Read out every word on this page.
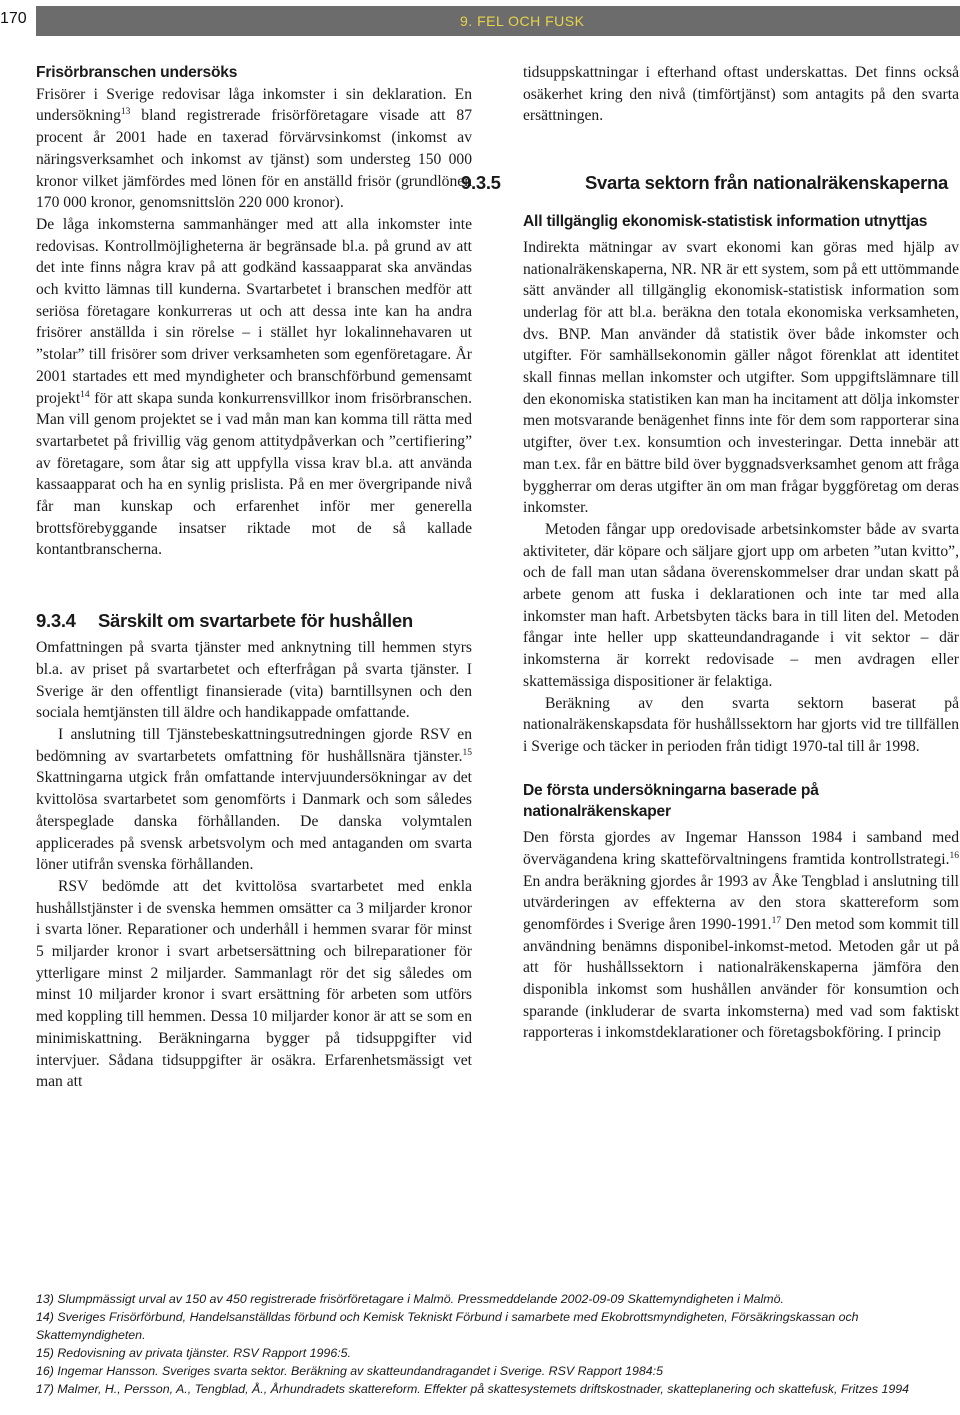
170	9. FEL OCH FUSK
Frisörbranschen undersöks

Frisörer i Sverige redovisar låga inkomster i sin deklaration. En undersökning$^{13}$ bland registrerade frisörföretagare visade att 87 procent år 2001 hade en taxerad förvärvsinkomst (inkomst av näringsverksamhet och inkomst av tjänst) som understeg 150 000 kronor vilket jämfördes med lönen för en anställd frisör (grundlönen 170 000 kronor, genomsnittslön 220 000 kronor).

De låga inkomsterna sammanhänger med att alla inkomster inte redovisas. Kontrollmöjligheterna är begränsade bl.a. på grund av att det inte finns några krav på att godkänd kassaapparat ska användas och kvitto lämnas till kunderna. Svartarbetet i branschen medför att seriösa företagare konkurreras ut och att dessa inte kan ha andra frisörer anställda i sin rörelse – i stället hyr lokalinnehavaren ut ”stolar” till frisörer som driver verksamheten som egenföretagare. År 2001 startades ett med myndigheter och branschförbund gemensamt projekt$^{14}$ för att skapa sunda konkurrensvillkor inom frisörbranschen. Man vill genom projektet se i vad mån man kan komma till rätta med svartarbetet på frivillig väg genom attitydpåverkan och ”certifiering” av företagare, som åtar sig att uppfylla vissa krav bl.a. att använda kassaapparat och ha en synlig prislista. På en mer övergripande nivå får man kunskap och erfarenhet inför mer generella brottsförebyggande insatser riktade mot de så kallade kontantbranscherna.

9.3.4 Särskilt om svartarbete för hushållen

Omfattningen på svarta tjänster med anknytning till hemmen styrs bl.a. av priset på svartarbetet och efterfrågan på svarta tjänster. I Sverige är den offentligt finansierade (vita) barntillsynen och den sociala hemtjänsten till äldre och handikappade omfattande.

I anslutning till Tjänstebeskattningsutredningen gjorde RSV en bedömning av svartarbetets omfattning för hushållsnära tjänster.$^{15}$ Skattningarna utgick från omfattande intervjuundersökningar av det kvittolösa svartarbetet som genomförts i Danmark och som således återspeglade danska förhållanden. De danska volymtalen applicerades på svensk arbetsvolym och med antaganden om svarta löner utifrån svenska förhållanden.

RSV bedömde att det kvittolösa svartarbetet med enkla hushållstjänster i de svenska hemmen omsätter ca 3 miljarder kronor i svarta löner. Reparationer och underhåll i hemmen svarar för minst 5 miljarder kronor i svart arbetsersättning och bilreparationer för ytterligare minst 2 miljarder. Sammanlagt rör det sig således om minst 10 miljarder kronor i svart ersättning för arbeten som utförs med koppling till hemmen. Dessa 10 miljarder konor är att se som en minimiskattning. Beräkningarna bygger på tidsuppgifter vid intervjuer. Sådana tidsuppgifter är osäkra. Erfarenhetsmässigt vet man att

tidsuppskattningar i efterhand oftast underskattas. Det finns också osäkerhet kring den nivå (timförtjänst) som antagits på den svarta ersättningen.

9.3.5	Svarta sektorn från nationalräkenskaperna
All tillgänglig ekonomisk-statistisk information utnyttjas

Indirekta mätningar av svart ekonomi kan göras med hjälp av nationalräkenskaperna, NR. NR är ett system, som på ett uttömmande sätt använder all tillgänglig ekonomisk-statistisk information som underlag för att bl.a. beräkna den totala ekonomiska verksamheten, dvs. BNP. Man använder då statistik över både inkomster och utgifter. För samhällsekonomin gäller något förenklat att identitet skall finnas mellan inkomster och utgifter. Som uppgiftslämnare till den ekonomiska statistiken kan man ha incitament att dölja inkomster men motsvarande benägenhet finns inte för dem som rapporterar sina utgifter, över t.ex. konsumtion och investeringar. Detta innebär att man t.ex. får en bättre bild över byggnadsverksamhet genom att fråga byggherrar om deras utgifter än om man frågar byggföretag om deras inkomster.

Metoden fångar upp oredovisade arbetsinkomster både av svarta aktiviteter, där köpare och säljare gjort upp om arbeten ”utan kvitto”, och de fall man utan sådana överenskommelser drar undan skatt på arbete genom att fuska i deklarationen och inte tar med alla inkomster man haft. Arbetsbyten täcks bara in till liten del. Metoden fångar inte heller upp skatteundandragande i vit sektor – där inkomsterna är korrekt redovisade – men avdragen eller skattemässiga dispositioner är felaktiga.

Beräkning av den svarta sektorn baserat på nationalräkenskapsdata för hushållssektorn har gjorts vid tre tillfällen i Sverige och täcker in perioden från tidigt 1970-tal till år 1998.

De första undersökningarna baserade på nationalräkenskaper

Den första gjordes av Ingemar Hansson 1984 i samband med övervägandena kring skatteförvaltningens framtida kontrollstrategi.$^{16}$ En andra beräkning gjordes år 1993 av Åke Tengblad i anslutning till utvärderingen av effekterna av den stora skattereform som genomfördes i Sverige åren 1990-1991.17 Den metod som kommit till användning benämns disponibel-inkomst-metod. Metoden går ut på att för hushållssektorn i nationalräkenskaperna jämföra den disponibla inkomst som hushållen använder för konsumtion och sparande (inkluderar de svarta inkomsterna) med vad som faktiskt rapporteras i inkomstdeklarationer och företagsbokföring. I princip

13) Slumpmässigt urval av 150 av 450 registrerade frisörföretagare i Malmö. Pressmeddelande 2002-09-09 Skattemyndigheten i Malmö.
14) Sveriges Frisörförbund, Handelsanställdas förbund och Kemisk Tekniskt Förbund i samarbete med Ekobrottsmyndigheten, Försäkringskassan och Skattemyndigheten.
15) Redovisning av privata tjänster. RSV Rapport 1996:5.
16) Ingemar Hansson. Sveriges svarta sektor. Beräkning av skatteundandragandet i Sverige. RSV Rapport 1984:5
17) Malmer, H., Persson, A., Tengblad, Å., Århundradets skattereform. Effekter på skattesystemets driftskostnader, skatteplanering och skattefusk, Fritzes 1994
